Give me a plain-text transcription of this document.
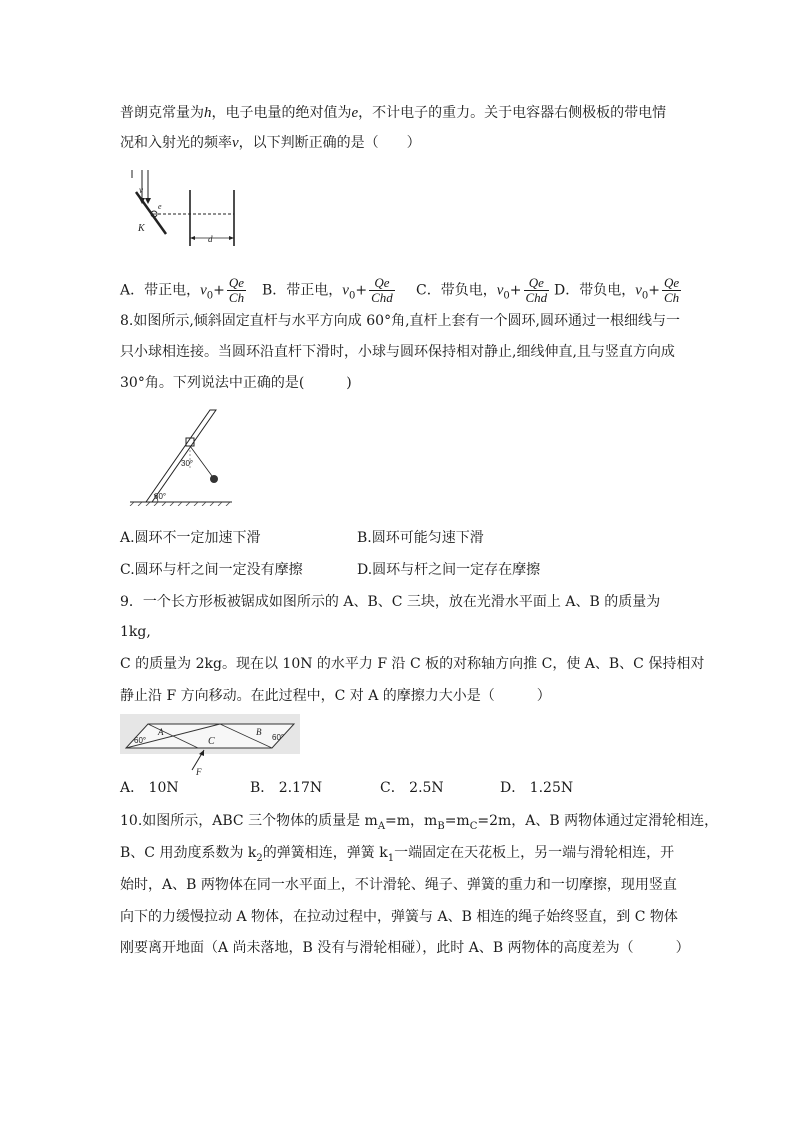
普朗克常量为h，电子电量的绝对值为e，不计电子的重力。关于电容器右侧极板的带电情
况和入射光的频率v，以下判断正确的是（　　）
v
K
e
d
A．带正电，$v_0+ \frac{Qe}{Ch}$ B．带正电，$v_0+ \frac{Qe}{\text{Chd}}$ C．带负电，$v_0+ \frac{Qe}{\text{Chd}}$ D．带负电，$v_0+ \frac{Qe}{Ch}$
8.如图所示,倾斜固定直杆与水平方向成 60°角,直杆上套有一个圆环,圆环通过一根细线与一
只小球相连接。当圆环沿直杆下滑时，小球与圆环保持相对静止,细线伸直,且与竖直方向成
30°角。下列说法中正确的是(　　　)
60°
30°
A.圆环不一定加速下滑	B.圆环可能匀速下滑
C.圆环与杆之间一定没有摩擦	D.圆环与杆之间一定存在摩擦
9．一个长方形板被锯成如图所示的 A、B、C 三块，放在光滑水平面上 A、B 的质量为
1kg,
C 的质量为 2kg。现在以 10N 的水平力 F 沿 C 板的对称轴方向推 C，使 A、B、C 保持相对
静止沿 F 方向移动。在此过程中，C 对 A 的摩擦力大小是（　　　）
60°
A
C
B
60°
F
A． 10N	B． 2.17N	C． 2.5N	D． 1.25N
10.如图所示，ABC 三个物体的质量是 $m_A=m$，$m_B=m_C=2m$，A、B 两物体通过定滑轮相连，
B、C 用劲度系数为 $k_2$的弹簧相连，弹簧 $k_1$一端固定在天花板上，另一端与滑轮相连，开
始时，A、B 两物体在同一水平面上，不计滑轮、绳子、弹簧的重力和一切摩擦，现用竖直
向下的力缓慢拉动 A 物体，在拉动过程中，弹簧与 A、B 相连的绳子始终竖直，到 C 物体
刚要离开地面（A 尚未落地，B 没有与滑轮相碰），此时 A、B 两物体的高度差为（　　　）
